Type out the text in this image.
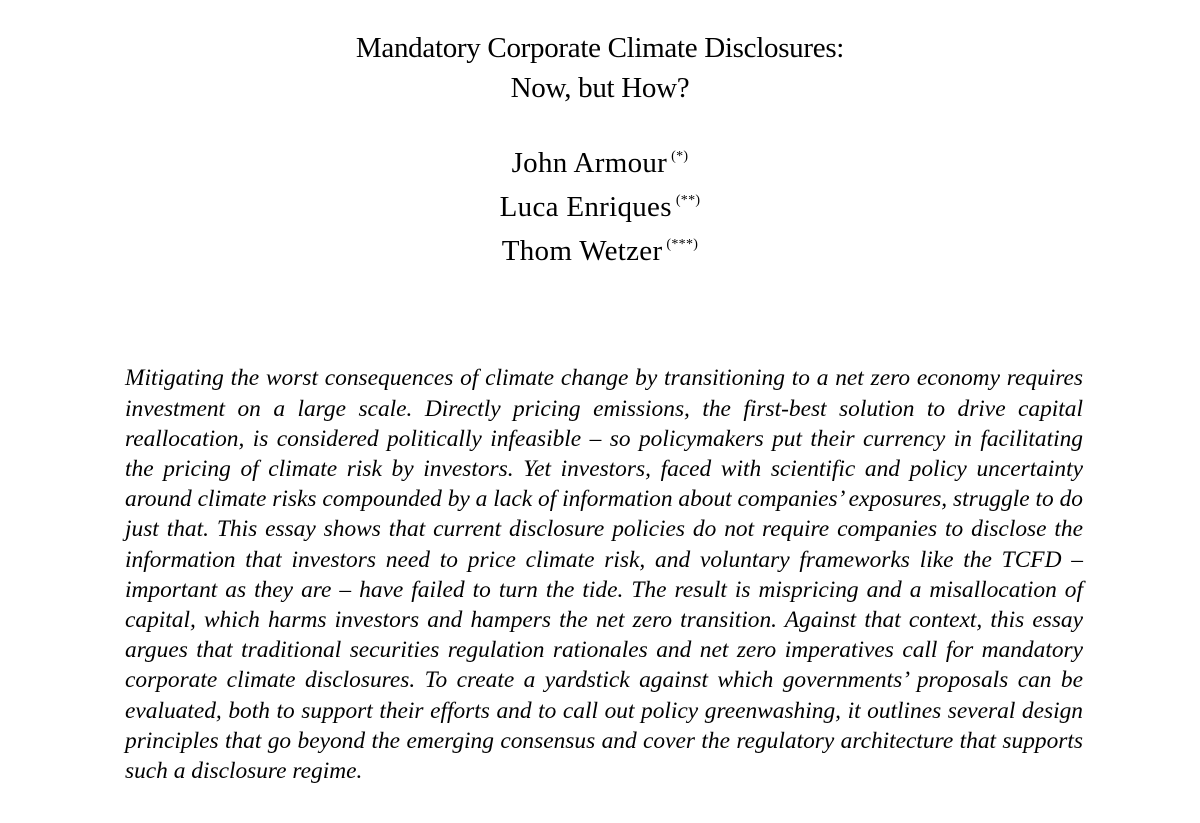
Mandatory Corporate Climate Disclosures:
Now, but How?
John Armour (*)
Luca Enriques (**)
Thom Wetzer (***)

Mitigating the worst consequences of climate change by transitioning to a net zero economy requires investment on a large scale. Directly pricing emissions, the first-best solution to drive capital reallocation, is considered politically infeasible – so policymakers put their currency in facilitating the pricing of climate risk by investors. Yet investors, faced with scientific and policy uncertainty around climate risks compounded by a lack of information about companies’ exposures, struggle to do just that. This essay shows that current disclosure policies do not require companies to disclose the information that investors need to price climate risk, and voluntary frameworks like the TCFD – important as they are – have failed to turn the tide. The result is mispricing and a misallocation of capital, which harms investors and hampers the net zero transition. Against that context, this essay argues that traditional securities regulation rationales and net zero imperatives call for mandatory corporate climate disclosures. To create a yardstick against which governments’ proposals can be evaluated, both to support their efforts and to call out policy greenwashing, it outlines several design principles that go beyond the emerging consensus and cover the regulatory architecture that supports such a disclosure regime.
